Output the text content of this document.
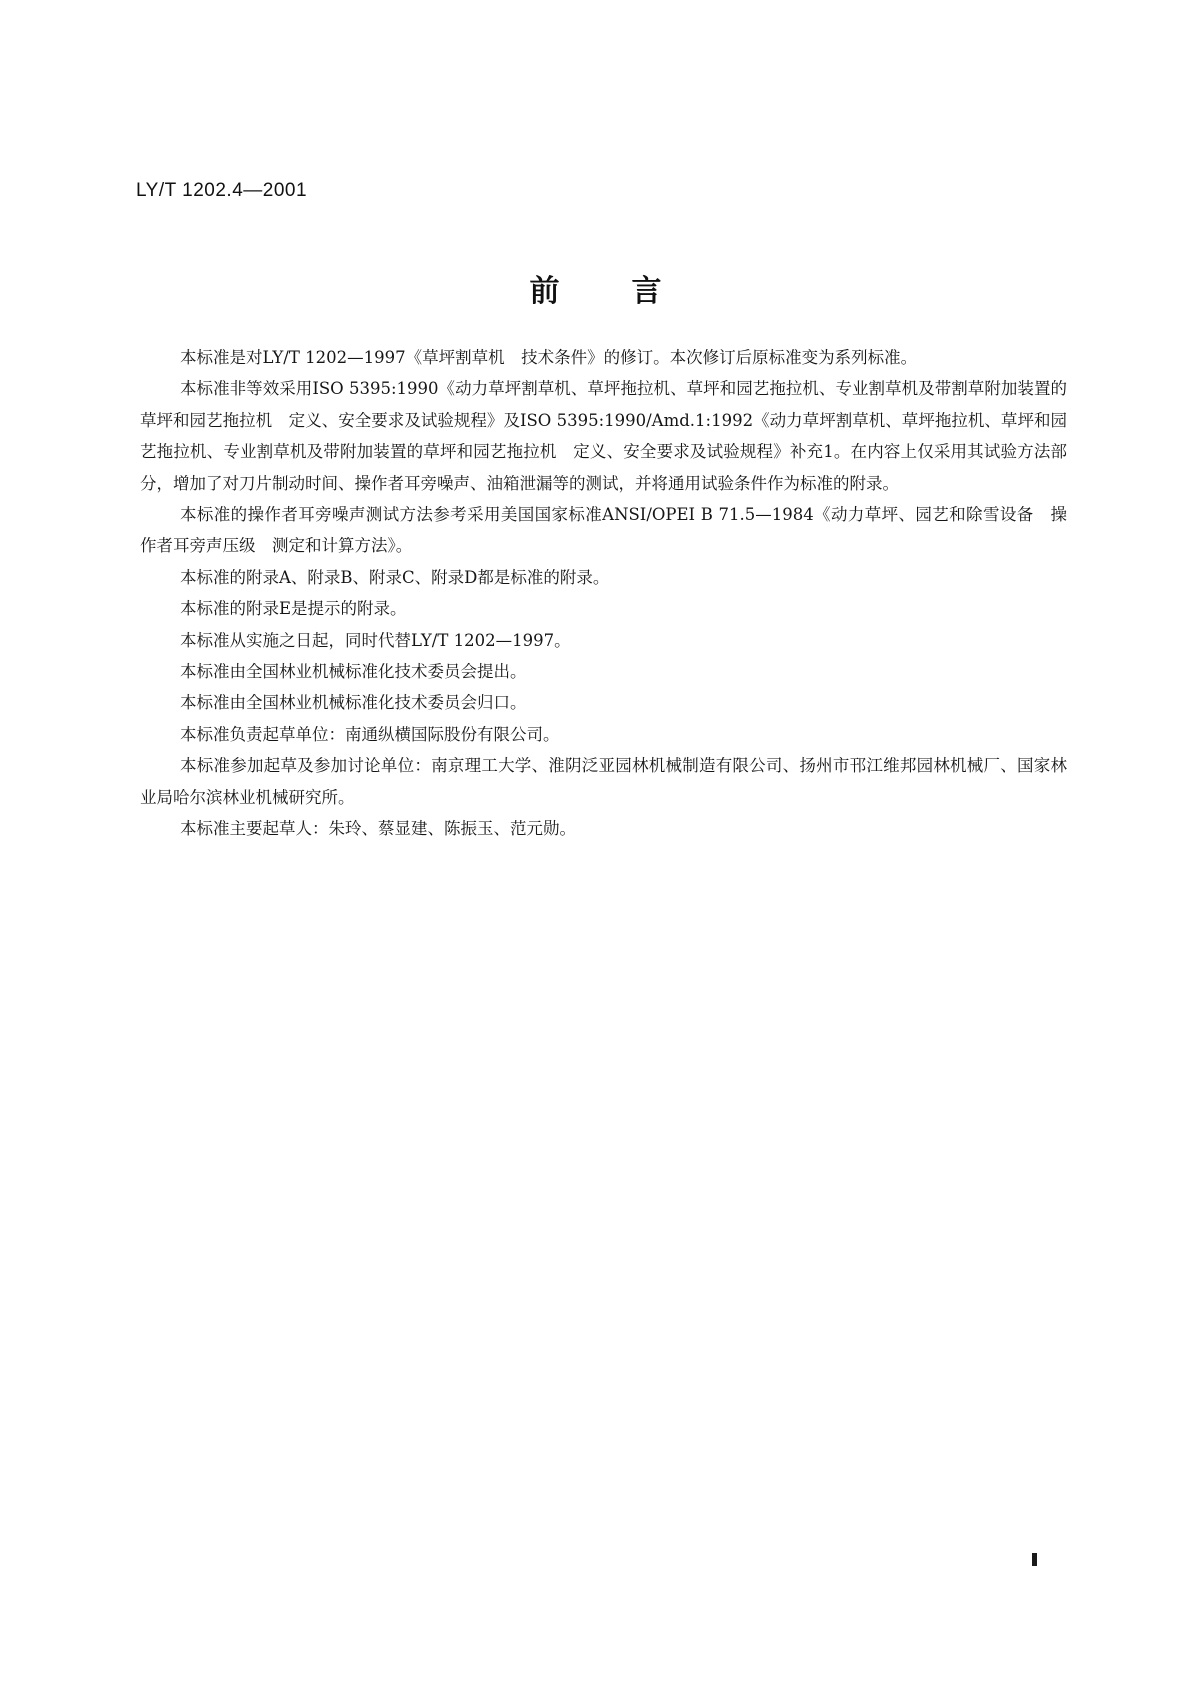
LY/T 1202.4—2001
前言

本标准是对LY/T 1202—1997《草坪割草机　技术条件》的修订。本次修订后原标准变为系列标准。

本标准非等效采用ISO 5395:1990《动力草坪割草机、草坪拖拉机、草坪和园艺拖拉机、专业割草机及带割草附加装置的草坪和园艺拖拉机　定义、安全要求及试验规程》及ISO 5395:1990/Amd.1:1992《动力草坪割草机、草坪拖拉机、草坪和园艺拖拉机、专业割草机及带附加装置的草坪和园艺拖拉机　定义、安全要求及试验规程》补充1。在内容上仅采用其试验方法部分，增加了对刀片制动时间、操作者耳旁噪声、油箱泄漏等的测试，并将通用试验条件作为标准的附录。

本标准的操作者耳旁噪声测试方法参考采用美国国家标准ANSI/OPEI B 71.5—1984《动力草坪、园艺和除雪设备　操作者耳旁声压级　测定和计算方法》。

本标准的附录A、附录B、附录C、附录D都是标准的附录。

本标准的附录E是提示的附录。

本标准从实施之日起，同时代替LY/T 1202—1997。

本标准由全国林业机械标准化技术委员会提出。

本标准由全国林业机械标准化技术委员会归口。

本标准负责起草单位：南通纵横国际股份有限公司。

本标准参加起草及参加讨论单位：南京理工大学、淮阴泛亚园林机械制造有限公司、扬州市邗江维邦园林机械厂、国家林业局哈尔滨林业机械研究所。

本标准主要起草人：朱玲、蔡显建、陈振玉、范元勋。
